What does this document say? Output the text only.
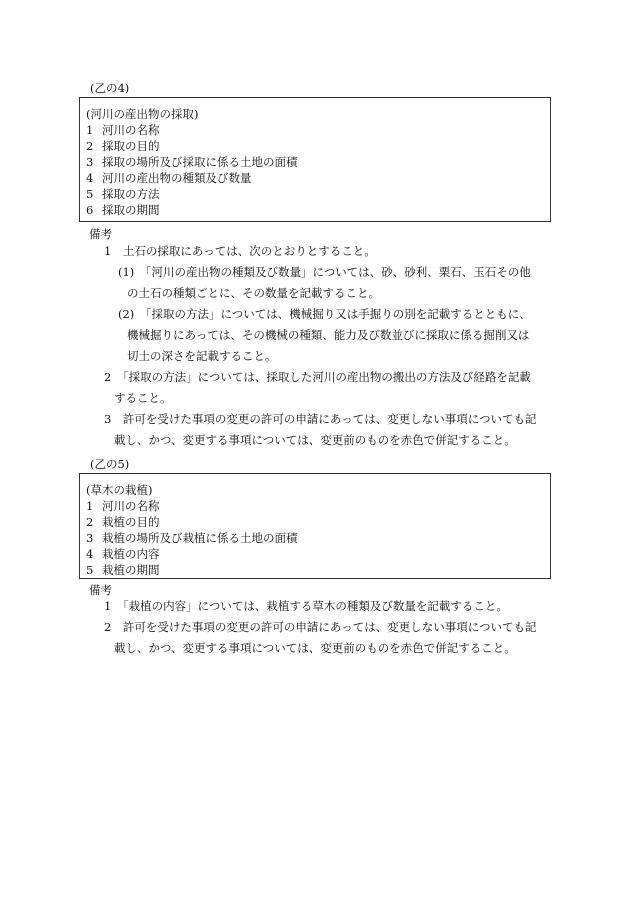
(乙の4)
(河川の産出物の採取)
1 河川の名称
2 採取の目的
3 採取の場所及び採取に係る土地の面積
4 河川の産出物の種類及び数量
5 採取の方法
6 採取の期間
備考
1　土石の採取にあっては、次のとおりとすること。
(1)　「河川の産出物の種類及び数量」については、砂、砂利、栗石、玉石その他
の土石の種類ごとに、その数量を記載すること。
(2)　「採取の方法」については、機械掘り又は手掘りの別を記載するとともに、
機械掘りにあっては、その機械の種類、能力及び数並びに採取に係る掘削又は
切土の深さを記載すること。
2　「採取の方法」については、採取した河川の産出物の搬出の方法及び経路を記載
すること。
3　許可を受けた事項の変更の許可の申請にあっては、変更しない事項についても記
載し、かつ、変更する事項については、変更前のものを赤色で併記すること。
(乙の5)
(草木の栽植)
1 河川の名称
2 栽植の目的
3 栽植の場所及び栽植に係る土地の面積
4 栽植の内容
5 栽植の期間
備考
1　「栽植の内容」については、栽植する草木の種類及び数量を記載すること。
2　許可を受けた事項の変更の許可の申請にあっては、変更しない事項についても記
載し、かつ、変更する事項については、変更前のものを赤色で併記すること。
